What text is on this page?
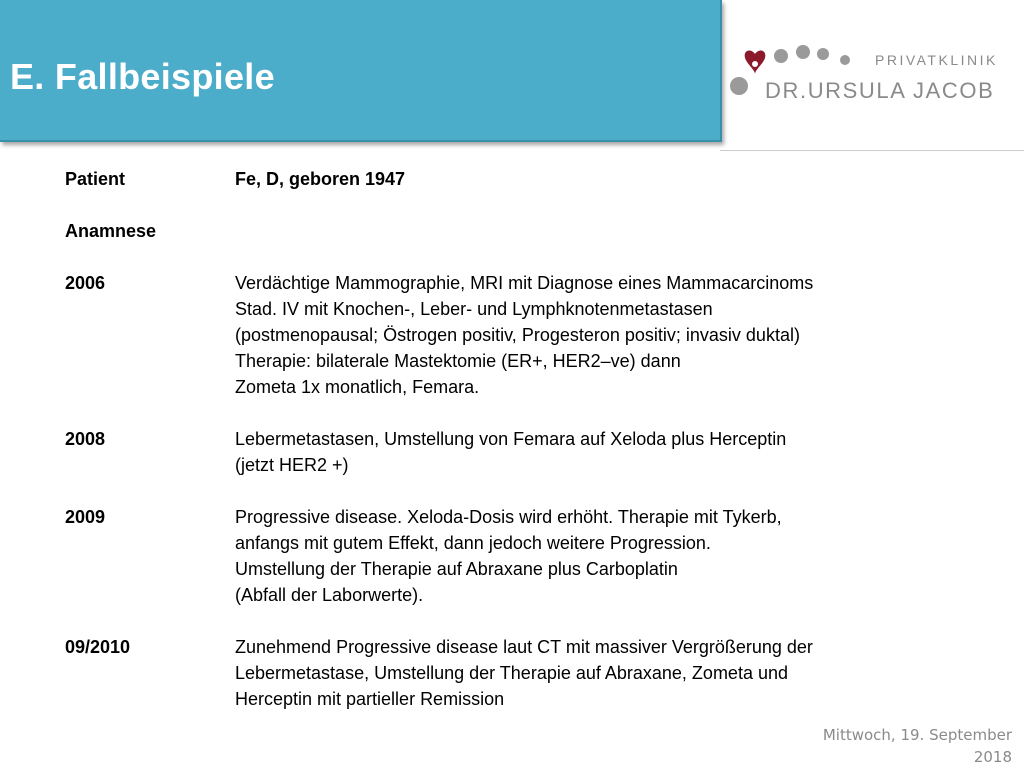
E. Fallbeispiele	PRIVATKLINIK
DR.URSULA JACOB
Patient	Fe, D, geboren 1947
Anamnese
2006	Verdächtige Mammographie, MRI mit Diagnose eines Mammacarcinoms
Stad. IV mit Knochen-, Leber- und Lymphknotenmetastasen
(postmenopausal; Östrogen positiv, Progesteron positiv; invasiv duktal)
Therapie: bilaterale Mastektomie (ER+, HER2–ve) dann
Zometa 1x monatlich, Femara.
2008	Lebermetastasen, Umstellung von Femara auf Xeloda plus Herceptin
(jetzt HER2 +)
2009	Progressive disease. Xeloda-Dosis wird erhöht. Therapie mit Tykerb,
anfangs mit gutem Effekt, dann jedoch weitere Progression.
Umstellung der Therapie auf Abraxane plus Carboplatin
(Abfall der Laborwerte).
09/2010	Zunehmend Progressive disease laut CT mit massiver Vergrößerung der
Lebermetastase, Umstellung der Therapie auf Abraxane, Zometa und
Herceptin mit partieller Remission
Mittwoch, 19. September
2018
